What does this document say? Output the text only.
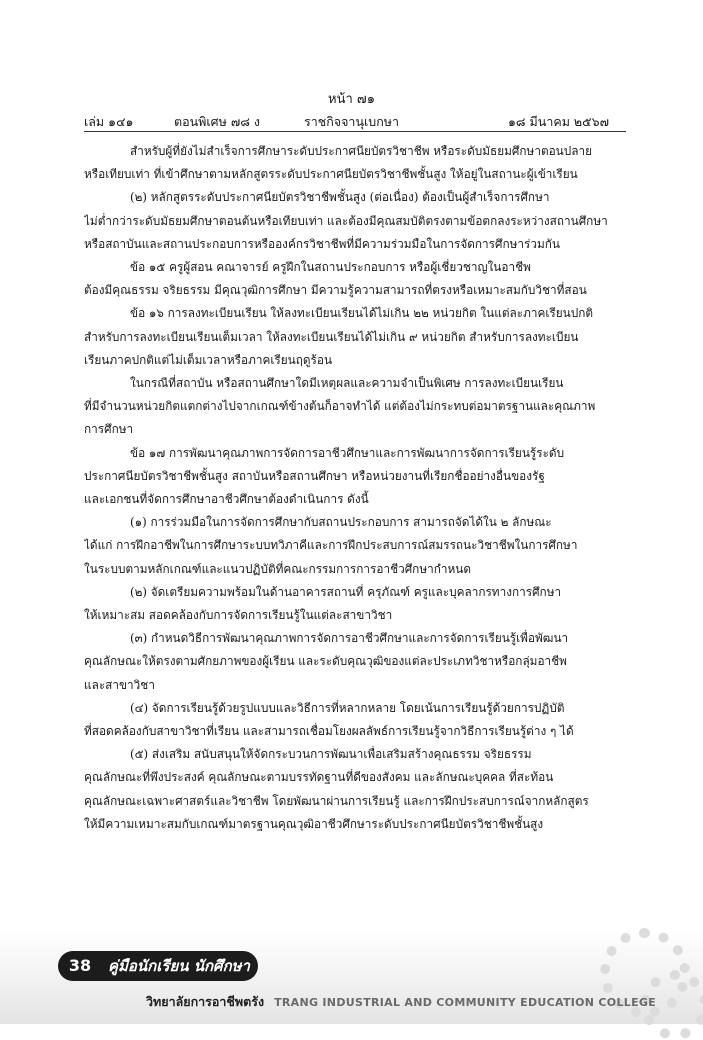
หน้า ๗๑
เล่ม ๑๔๑	ตอนพิเศษ ๗๘ ง	ราชกิจจานุเบกษา	๑๘ มีนาคม ๒๕๖๗

สำหรับผู้ที่ยังไม่สำเร็จการศึกษาระดับประกาศนียบัตรวิชาชีพ หรือระดับมัธยมศึกษาตอนปลาย
หรือเทียบเท่า ที่เข้าศึกษาตามหลักสูตรระดับประกาศนียบัตรวิชาชีพชั้นสูง ให้อยู่ในสถานะผู้เข้าเรียน

(๒) หลักสูตรระดับประกาศนียบัตรวิชาชีพชั้นสูง (ต่อเนื่อง) ต้องเป็นผู้สำเร็จการศึกษา
ไม่ต่ำกว่าระดับมัธยมศึกษาตอนต้นหรือเทียบเท่า และต้องมีคุณสมบัติตรงตามข้อตกลงระหว่างสถานศึกษา
หรือสถาบันและสถานประกอบการหรือองค์กรวิชาชีพที่มีความร่วมมือในการจัดการศึกษาร่วมกัน

ข้อ ๑๕ ครูผู้สอน คณาจารย์ ครูฝึกในสถานประกอบการ หรือผู้เชี่ยวชาญในอาชีพ
ต้องมีคุณธรรม จริยธรรม มีคุณวุฒิการศึกษา มีความรู้ความสามารถที่ตรงหรือเหมาะสมกับวิชาที่สอน

ข้อ ๑๖ การลงทะเบียนเรียน ให้ลงทะเบียนเรียนได้ไม่เกิน ๒๒ หน่วยกิต ในแต่ละภาคเรียนปกติ
สำหรับการลงทะเบียนเรียนเต็มเวลา ให้ลงทะเบียนเรียนได้ไม่เกิน ๙ หน่วยกิต สำหรับการลงทะเบียน
เรียนภาคปกติแต่ไม่เต็มเวลาหรือภาคเรียนฤดูร้อน

ในกรณีที่สถาบัน หรือสถานศึกษาใดมีเหตุผลและความจำเป็นพิเศษ การลงทะเบียนเรียน
ที่มีจำนวนหน่วยกิตแตกต่างไปจากเกณฑ์ข้างต้นก็อาจทำได้ แต่ต้องไม่กระทบต่อมาตรฐานและคุณภาพ
การศึกษา

ข้อ ๑๗ การพัฒนาคุณภาพการจัดการอาชีวศึกษาและการพัฒนาการจัดการเรียนรู้ระดับ
ประกาศนียบัตรวิชาชีพชั้นสูง สถาบันหรือสถานศึกษา หรือหน่วยงานที่เรียกชื่ออย่างอื่นของรัฐ
และเอกชนที่จัดการศึกษาอาชีวศึกษาต้องดำเนินการ ดังนี้

(๑) การร่วมมือในการจัดการศึกษากับสถานประกอบการ สามารถจัดได้ใน ๒ ลักษณะ
ได้แก่ การฝึกอาชีพในการศึกษาระบบทวิภาคีและการฝึกประสบการณ์สมรรถนะวิชาชีพในการศึกษา
ในระบบตามหลักเกณฑ์และแนวปฏิบัติที่คณะกรรมการการอาชีวศึกษากำหนด

(๒) จัดเตรียมความพร้อมในด้านอาคารสถานที่ ครุภัณฑ์ ครูและบุคลากรทางการศึกษา
ให้เหมาะสม สอดคล้องกับการจัดการเรียนรู้ในแต่ละสาขาวิชา

(๓) กำหนดวิธีการพัฒนาคุณภาพการจัดการอาชีวศึกษาและการจัดการเรียนรู้เพื่อพัฒนา
คุณลักษณะให้ตรงตามศักยภาพของผู้เรียน และระดับคุณวุฒิของแต่ละประเภทวิชาหรือกลุ่มอาชีพ
และสาขาวิชา

(๔) จัดการเรียนรู้ด้วยรูปแบบและวิธีการที่หลากหลาย โดยเน้นการเรียนรู้ด้วยการปฏิบัติ
ที่สอดคล้องกับสาขาวิชาที่เรียน และสามารถเชื่อมโยงผลลัพธ์การเรียนรู้จากวิธีการเรียนรู้ต่าง ๆ ได้

(๕) ส่งเสริม สนับสนุนให้จัดกระบวนการพัฒนาเพื่อเสริมสร้างคุณธรรม จริยธรรม
คุณลักษณะที่พึงประสงค์ คุณลักษณะตามบรรทัดฐานที่ดีของสังคม และลักษณะบุคคล ที่สะท้อน
คุณลักษณะเฉพาะศาสตร์และวิชาชีพ โดยพัฒนาผ่านการเรียนรู้ และการฝึกประสบการณ์จากหลักสูตร
ให้มีความเหมาะสมกับเกณฑ์มาตรฐานคุณวุฒิอาชีวศึกษาระดับประกาศนียบัตรวิชาชีพชั้นสูง

38	คู่มือนักเรียน นักศึกษา
วิทยาลัยการอาชีพตรัง TRANG INDUSTRIAL AND COMMUNITY EDUCATION COLLEGE
